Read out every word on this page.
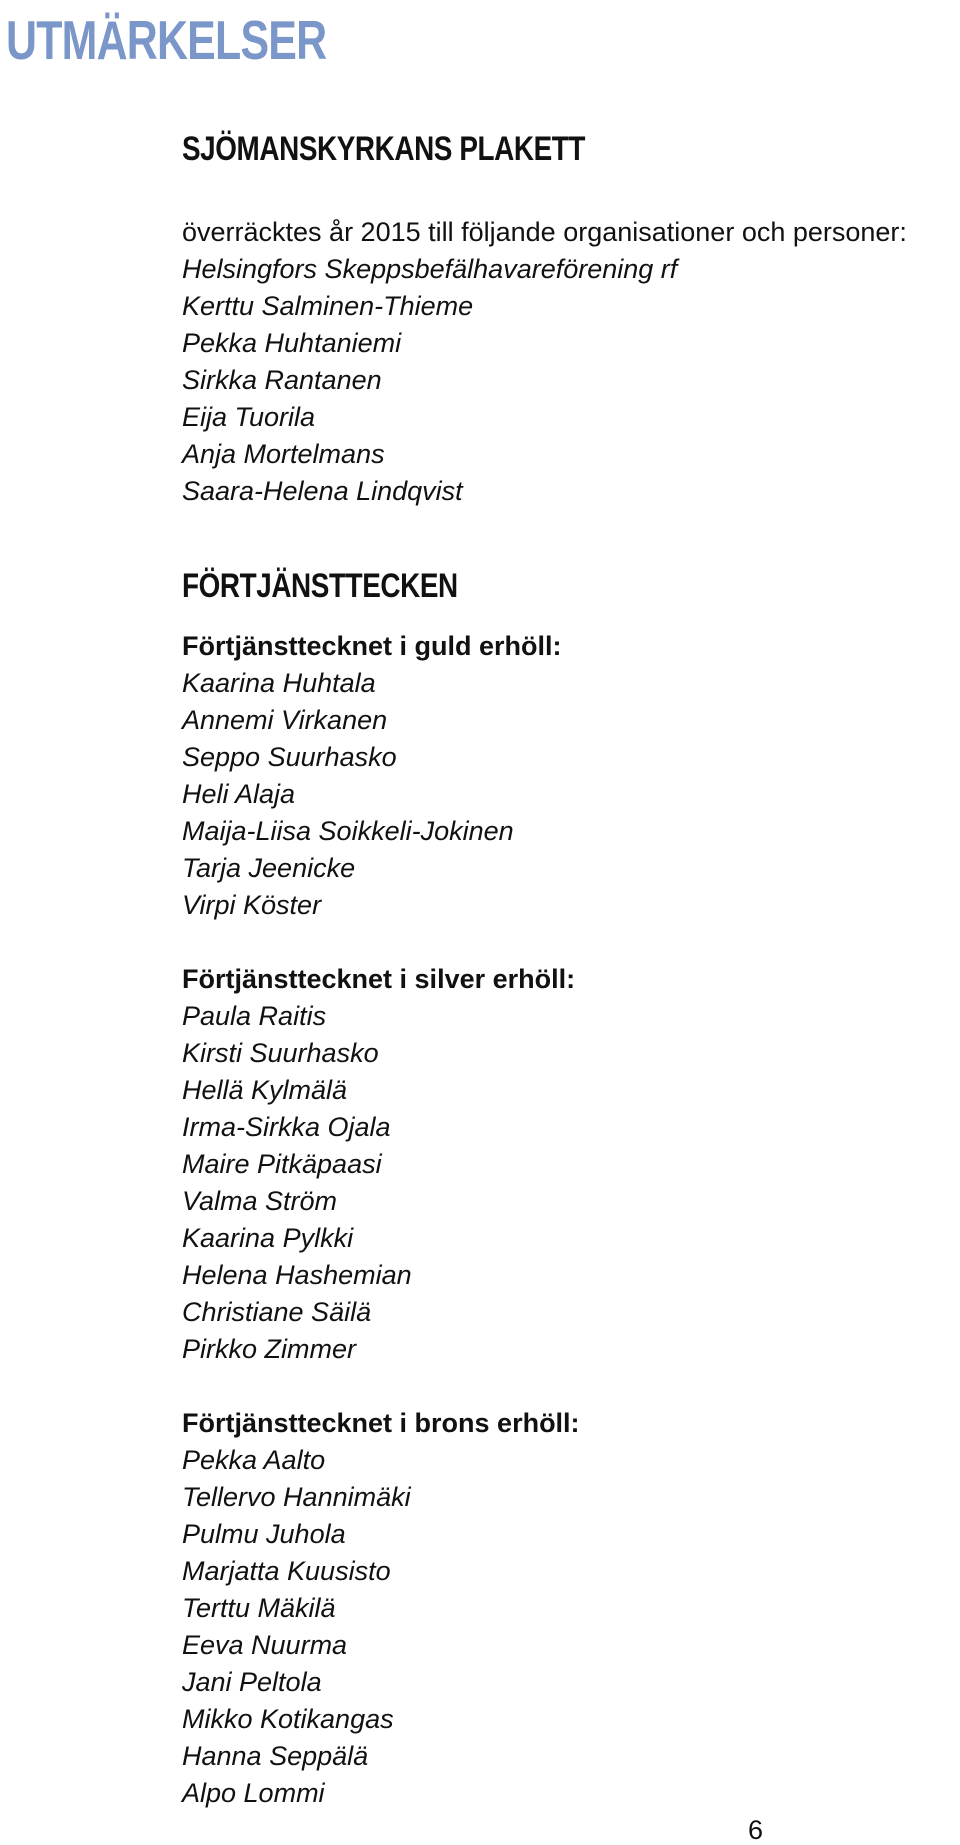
UTMÄRKELSER
SJÖMANSKYRKANS PLAKETT

överräcktes år 2015 till följande organisationer och personer:

Helsingfors Skeppsbefälhavareförening rf
Kerttu Salminen-Thieme
Pekka Huhtaniemi
Sirkka Rantanen
Eija Tuorila
Anja Mortelmans
Saara-Helena Lindqvist
FÖRTJÄNSTTECKEN
Förtjänsttecknet i guld erhöll:
Kaarina Huhtala
Annemi Virkanen
Seppo Suurhasko
Heli Alaja
Maija-Liisa Soikkeli-Jokinen
Tarja Jeenicke
Virpi Köster
Förtjänsttecknet i silver erhöll:
Paula Raitis
Kirsti Suurhasko
Hellä Kylmälä
Irma-Sirkka Ojala
Maire Pitkäpaasi
Valma Ström
Kaarina Pylkki
Helena Hashemian
Christiane Säilä
Pirkko Zimmer
Förtjänsttecknet i brons erhöll:
Pekka Aalto
Tellervo Hannimäki
Pulmu Juhola
Marjatta Kuusisto
Terttu Mäkilä
Eeva Nuurma
Jani Peltola
Mikko Kotikangas
Hanna Seppälä
Alpo Lommi
6
